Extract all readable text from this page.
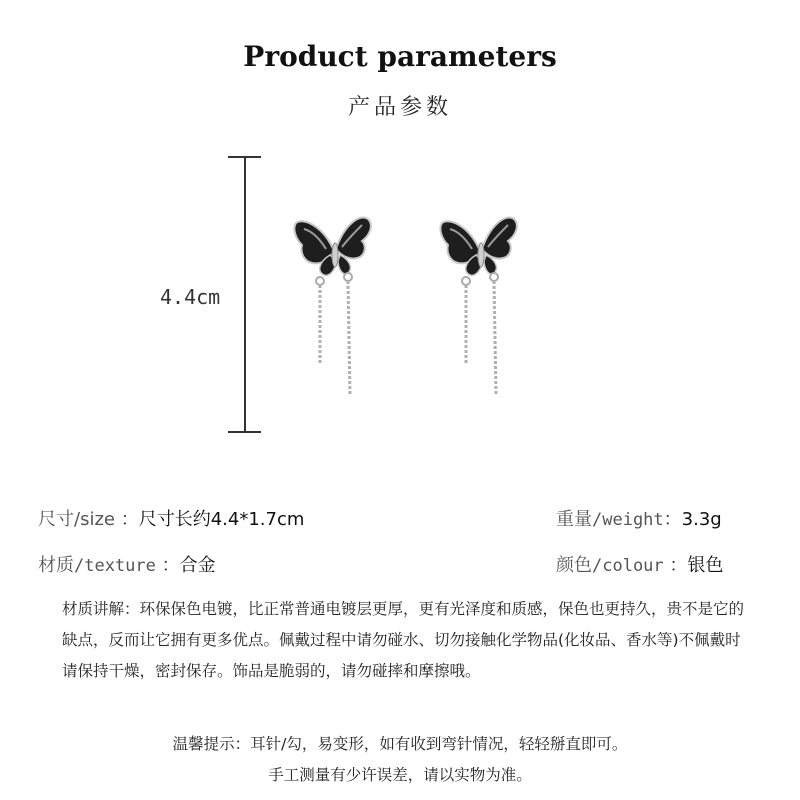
Product parameters
产品参数
4.4cm
尺寸/size ：尺寸长约4.4*1.7cm	重量/weight：3.3g
材质/texture ：合金	颜色/colour ：银色
材质讲解：环保保色电镀，比正常普通电镀层更厚，更有光泽度和质感，保色也更持久，贵不是它的缺点，反而让它拥有更多优点。佩戴过程中请勿碰水、切勿接触化学物品(化妆品、香水等)不佩戴时请保持干燥，密封保存。饰品是脆弱的，请勿碰摔和摩擦哦。
温馨提示：耳针/勾，易变形，如有收到弯针情况，轻轻掰直即可。
手工测量有少许误差，请以实物为准。
